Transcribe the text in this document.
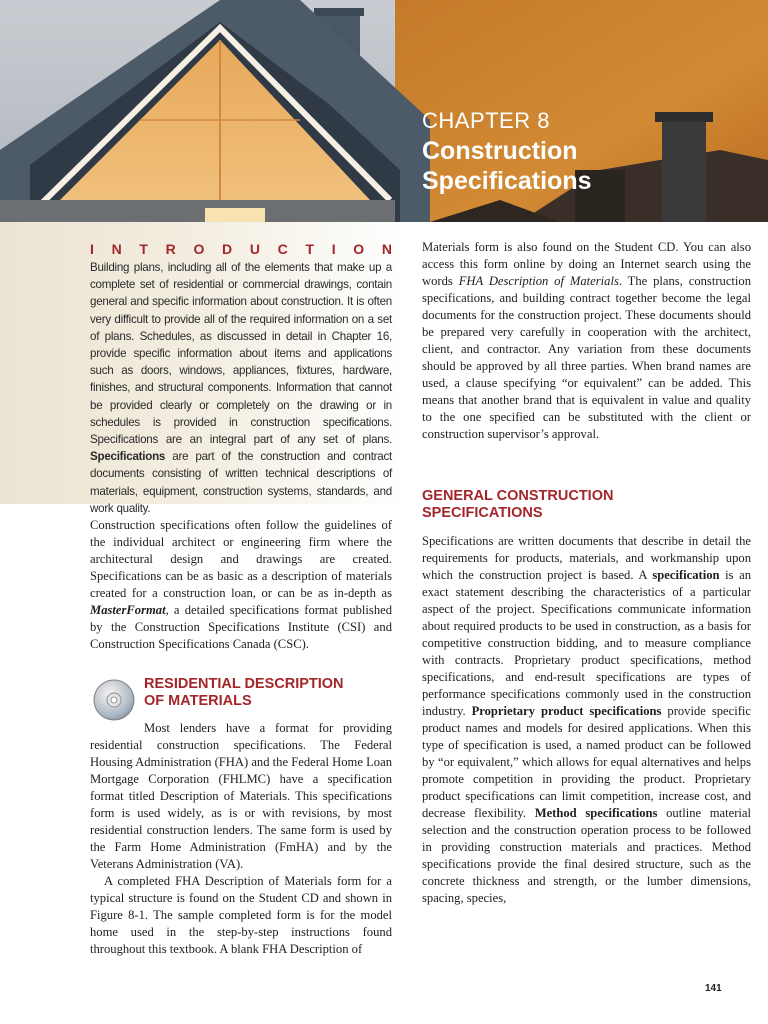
CHAPTER 8
Construction
Specifications
I N T R O D U C T I O N
Building plans, including all of the elements that make up a complete set of residential or commercial drawings, contain general and specific information about construction. It is often very difficult to provide all of the required information on a set of plans. Schedules, as discussed in detail in Chapter 16, provide specific information about items and applications such as doors, windows, appliances, fixtures, hardware, finishes, and structural components. Information that cannot be provided clearly or completely on the drawing or in schedules is provided in construction specifications. Specifications are an integral part of any set of plans. Specifications are part of the construction and contract documents consisting of written technical descriptions of materials, equipment, construction systems, standards, and work quality.
Construction specifications often follow the guidelines of the individual architect or engineering firm where the architectural design and drawings are created. Specifications can be as basic as a description of materials created for a construction loan, or can be as in-depth as MasterFormat, a detailed specifications format published by the Construction Specifications Institute (CSI) and Construction Specifications Canada (CSC).
RESIDENTIAL DESCRIPTION
OF MATERIALS
Most lenders have a format for providing residential construction specifications. The Federal Housing Administration (FHA) and the Federal Home Loan Mortgage Corporation (FHLMC) have a specification format titled Description of Materials. This specifications form is used widely, as is or with revisions, by most residential construction lenders. The same form is used by the Farm Home Administration (FmHA) and by the Veterans Administration (VA).
A completed FHA Description of Materials form for a typical structure is found on the Student CD and shown in Figure 8-1. The sample completed form is for the model home used in the step-by-step instructions found throughout this textbook. A blank FHA Description of
Materials form is also found on the Student CD. You can also access this form online by doing an Internet search using the words FHA Description of Materials. The plans, construction specifications, and building contract together become the legal documents for the construction project. These documents should be prepared very carefully in cooperation with the architect, client, and contractor. Any variation from these documents should be approved by all three parties. When brand names are used, a clause specifying “or equivalent” can be added. This means that another brand that is equivalent in value and quality to the one specified can be substituted with the client or construction supervisor’s approval.
GENERAL CONSTRUCTION
SPECIFICATIONS
Specifications are written documents that describe in detail the requirements for products, materials, and workmanship upon which the construction project is based. A specification is an exact statement describing the characteristics of a particular aspect of the project. Specifications communicate information about required products to be used in construction, as a basis for competitive construction bidding, and to measure compliance with contracts. Proprietary product specifications, method specifications, and end-result specifications are types of performance specifications commonly used in the construction industry. Proprietary product specifications provide specific product names and models for desired applications. When this type of specification is used, a named product can be followed by “or equivalent,” which allows for equal alternatives and helps promote competition in providing the product. Proprietary product specifications can limit competition, increase cost, and decrease flexibility. Method specifications outline material selection and the construction operation process to be followed in providing construction materials and practices. Method specifications provide the final desired structure, such as the concrete thickness and strength, or the lumber dimensions, spacing, species,
141
